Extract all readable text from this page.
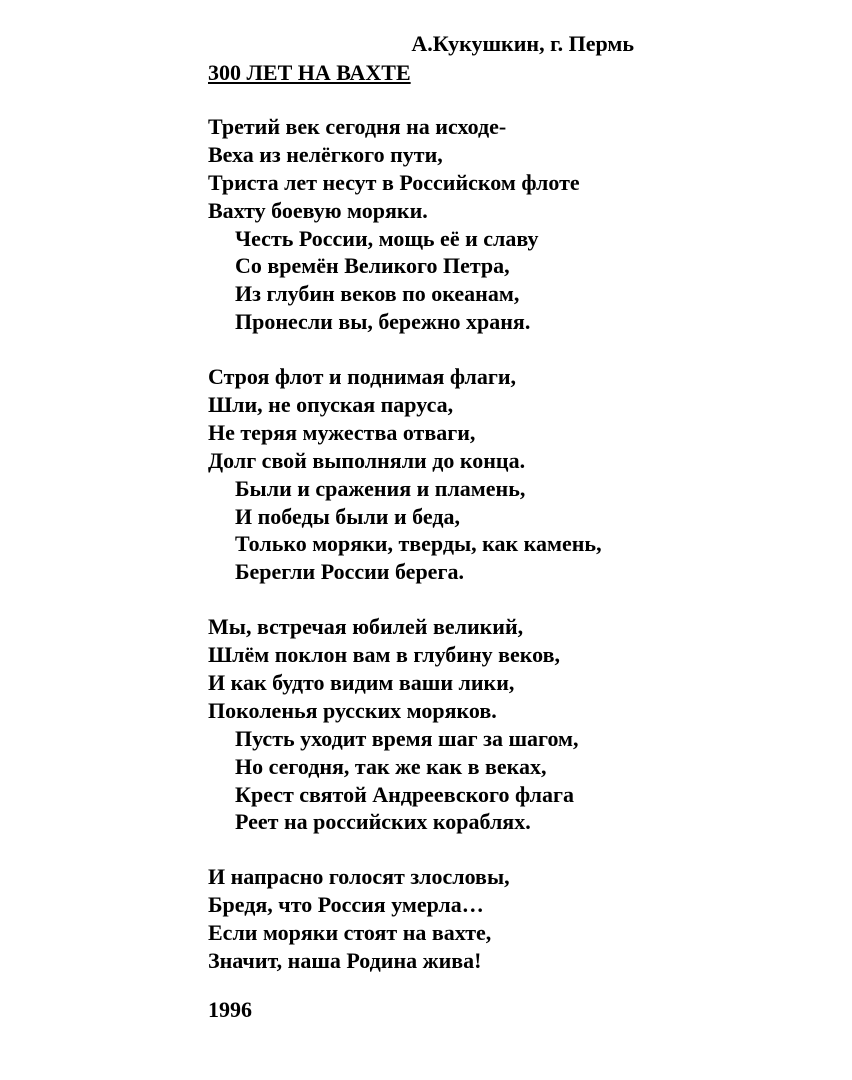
А.Кукушкин, г. Пермь
300 ЛЕТ НА ВАХТЕ
Третий век сегодня на исходе-
Веха из нелёгкого пути,
Триста лет несут в Российском флоте
Вахту боевую моряки.
Честь России, мощь её и славу
Со времён Великого Петра,
Из глубин веков по океанам,
Пронесли вы, бережно храня.
Строя флот и поднимая флаги,
Шли, не опуская паруса,
Не теряя мужества отваги,
Долг свой выполняли до конца.
Были и сражения и пламень,
И победы были и беда,
Только моряки, тверды, как камень,
Берегли России берега.
Мы, встречая юбилей великий,
Шлём поклон вам в глубину веков,
И как будто видим ваши лики,
Поколенья русских моряков.
Пусть уходит время шаг за шагом,
Но сегодня, так же как в веках,
Крест святой Андреевского флага
Реет на российских кораблях.
И напрасно голосят злословы,
Бредя, что Россия умерла…
Если моряки стоят на вахте,
Значит, наша Родина жива!
1996
